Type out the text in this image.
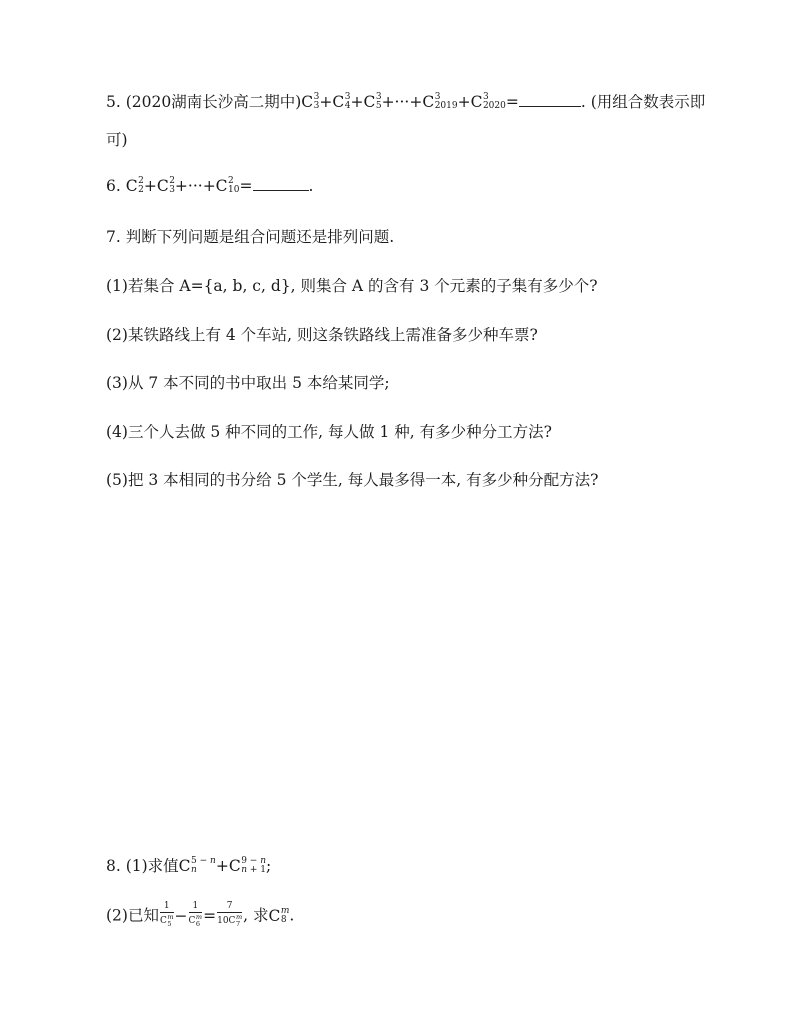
5. (2020湖南长沙高二期中)C 3
3 +C 3
4 +C 3
5 +···+C 3
2019 +C 3
2020 =	. (用组合数表示即
可)
6. C 2
2 +C 2
3 +···+C 2
10 =	.
7. 判断下列问题是组合问题还是排列问题.
(1)若集合 A={a, b, c, d}, 则集合 A 的含有 3 个元素的子集有多少个?
(2)某铁路线上有 4 个车站, 则这条铁路线上需准备多少种车票?
(3)从 7 本不同的书中取出 5 本给某同学;
(4)三个人去做 5 种不同的工作, 每人做 1 种, 有多少种分工方法?
(5)把 3 本相同的书分给 5 个学生, 每人最多得一本, 有多少种分配方法?
8. (1)求值C 5 − n
n	+C 9 − n
n + 1 ;
(2)已知 1
C m
5 − 1
C m
6 = 7
10C m
7 , 求C m
8 .
